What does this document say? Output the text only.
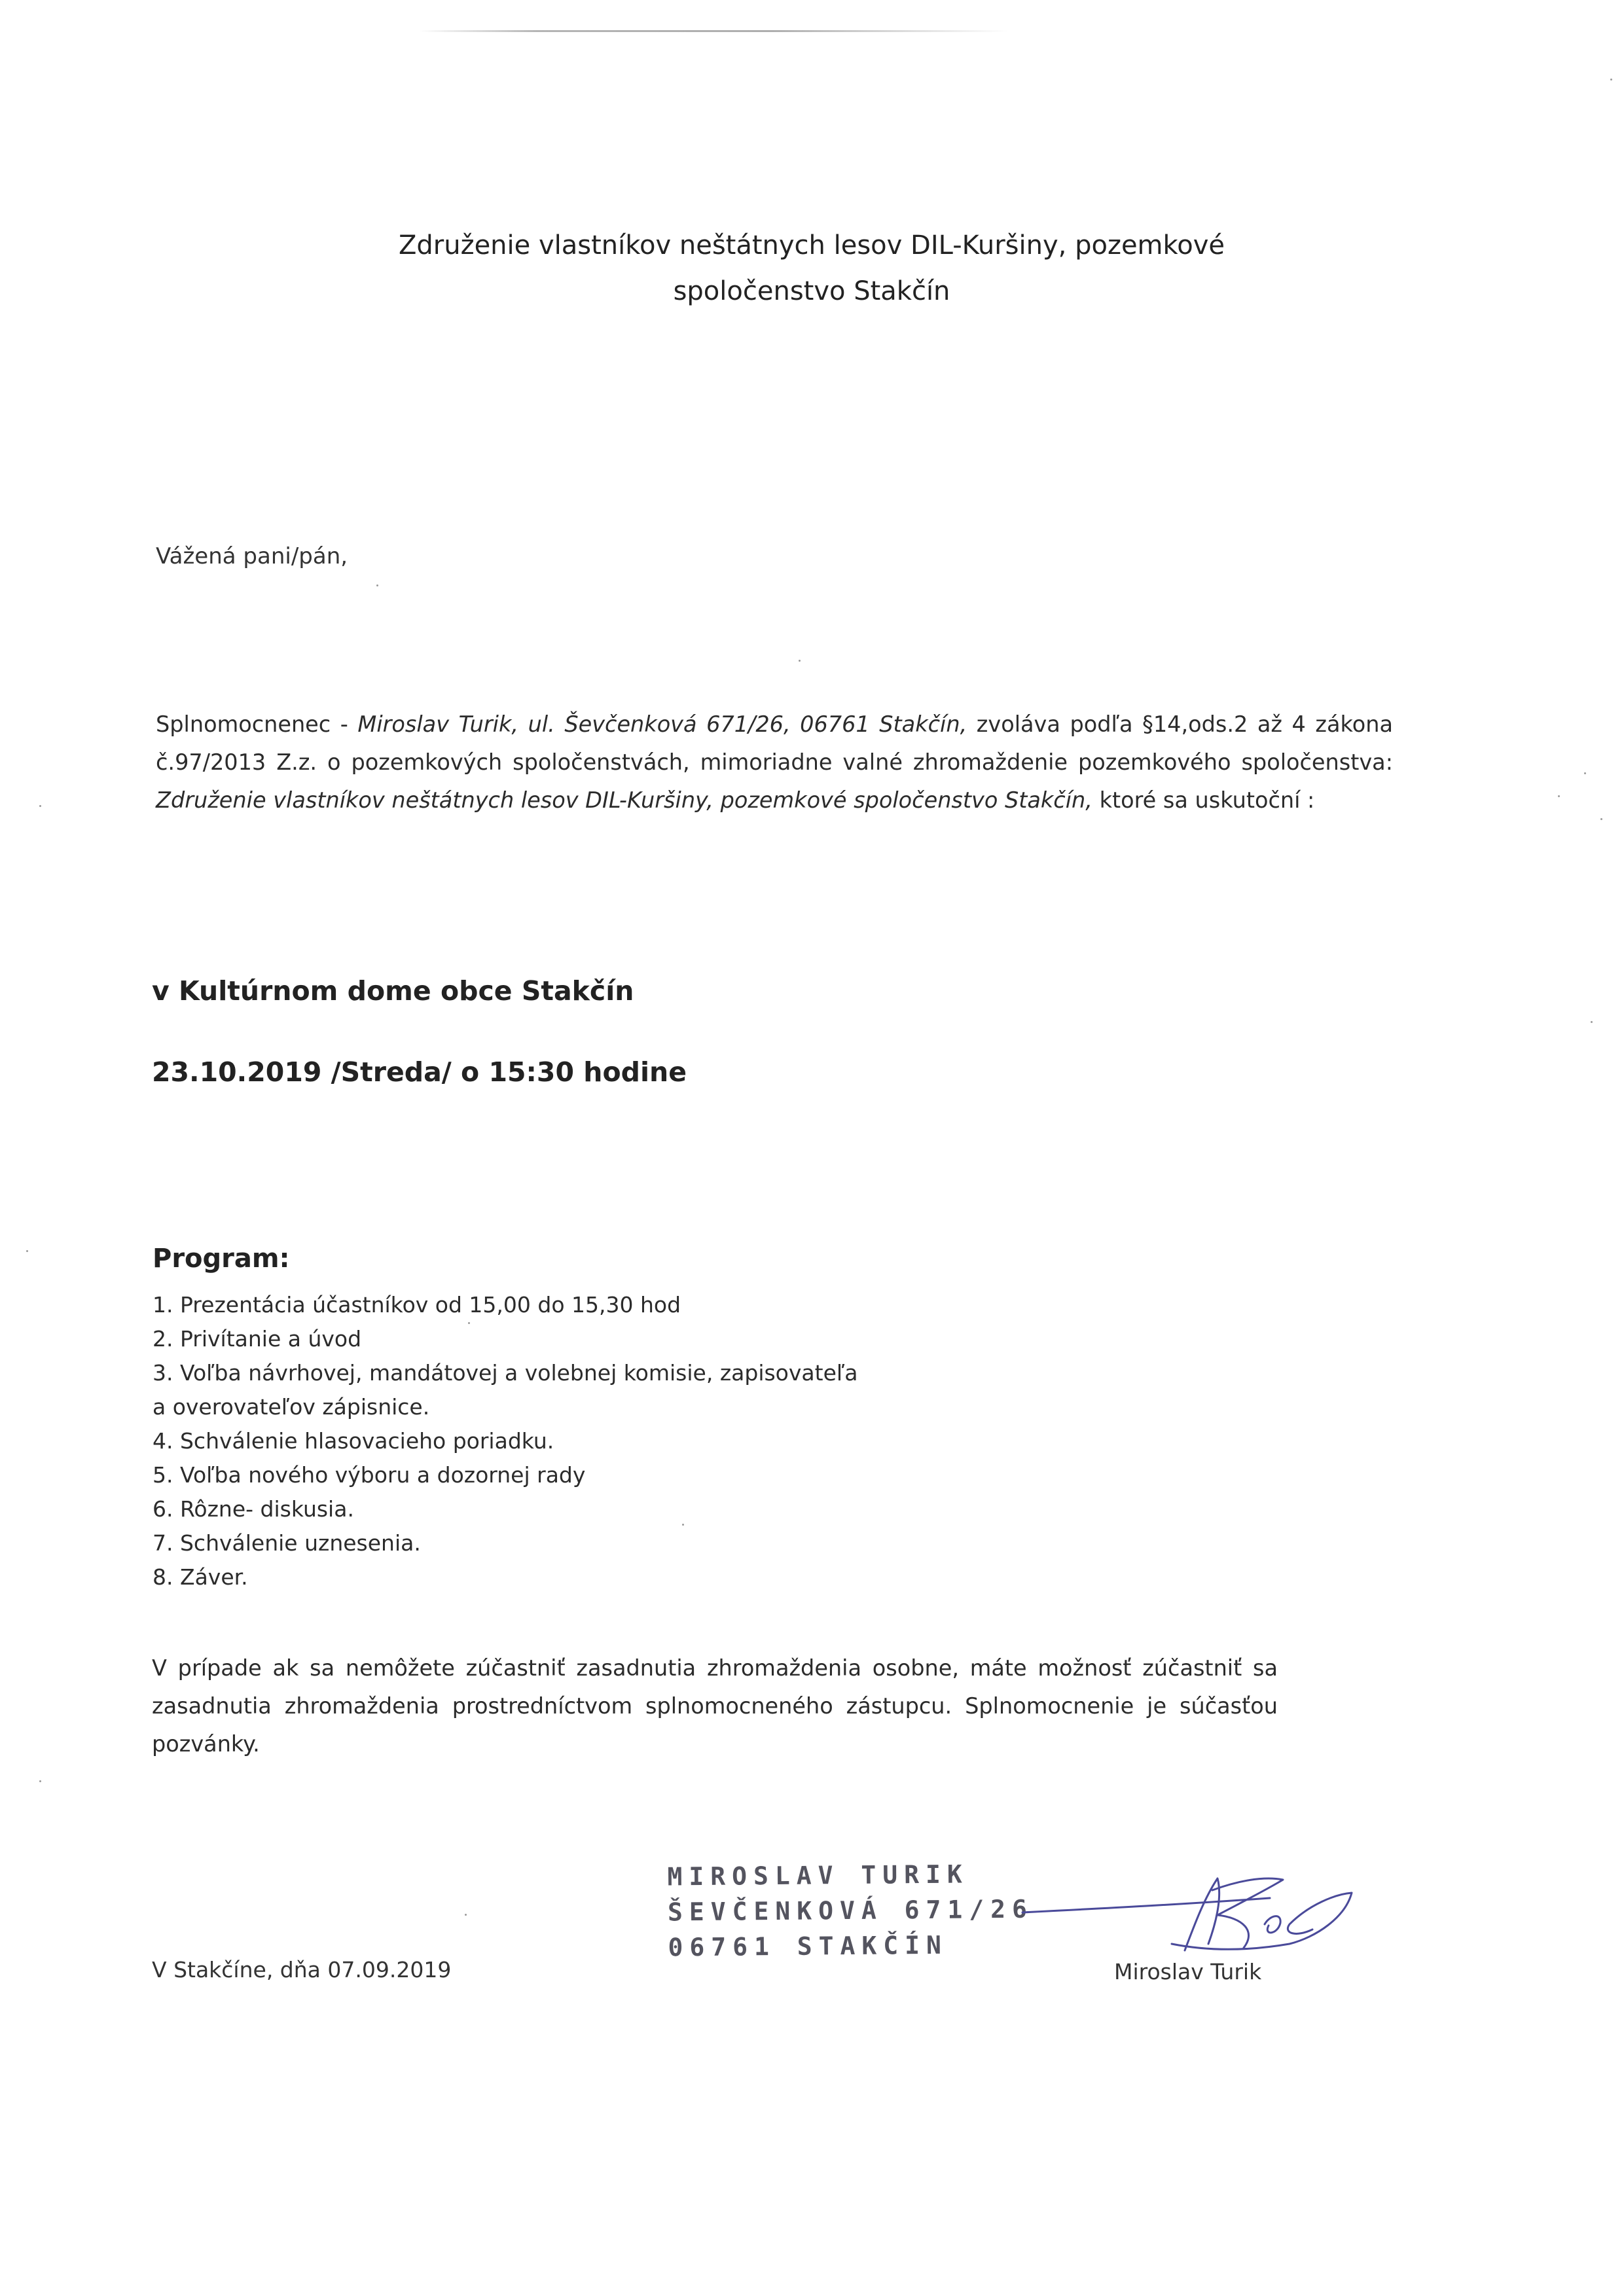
Združenie vlastníkov neštátnych lesov DIL-Kuršiny, pozemkové
spoločenstvo Stakčín
Vážená pani/pán,
Splnomocnenec - Miroslav Turik, ul. Ševčenková 671/26, 06761 Stakčín, zvoláva podľa §14,ods.2 až 4 zákona
č.97/2013 Z.z. o pozemkových spoločenstvách, mimoriadne valné zhromaždenie pozemkového spoločenstva:
Združenie vlastníkov neštátnych lesov DIL-Kuršiny, pozemkové spoločenstvo Stakčín, ktoré sa uskutoční :
v Kultúrnom dome obce Stakčín
23.10.2019 /Streda/ o 15:30 hodine
Program:
1. Prezentácia účastníkov od 15,00 do 15,30 hod
2. Privítanie a úvod
3. Voľba návrhovej, mandátovej a volebnej komisie, zapisovateľa
a overovateľov zápisnice.
4. Schválenie hlasovacieho poriadku.
5. Voľba nového výboru a dozornej rady
6. Rôzne- diskusia.
7. Schválenie uznesenia.
8. Záver.
V prípade ak sa nemôžete zúčastniť zasadnutia zhromaždenia osobne, máte možnosť zúčastniť sa
zasadnutia zhromaždenia prostredníctvom splnomocneného zástupcu. Splnomocnenie je súčasťou
pozvánky.
V Stakčíne, dňa 07.09.2019
MIROSLAV TURIK
ŠEVČENKOVÁ 671/26
06761 STAKČÍN
Miroslav Turik
